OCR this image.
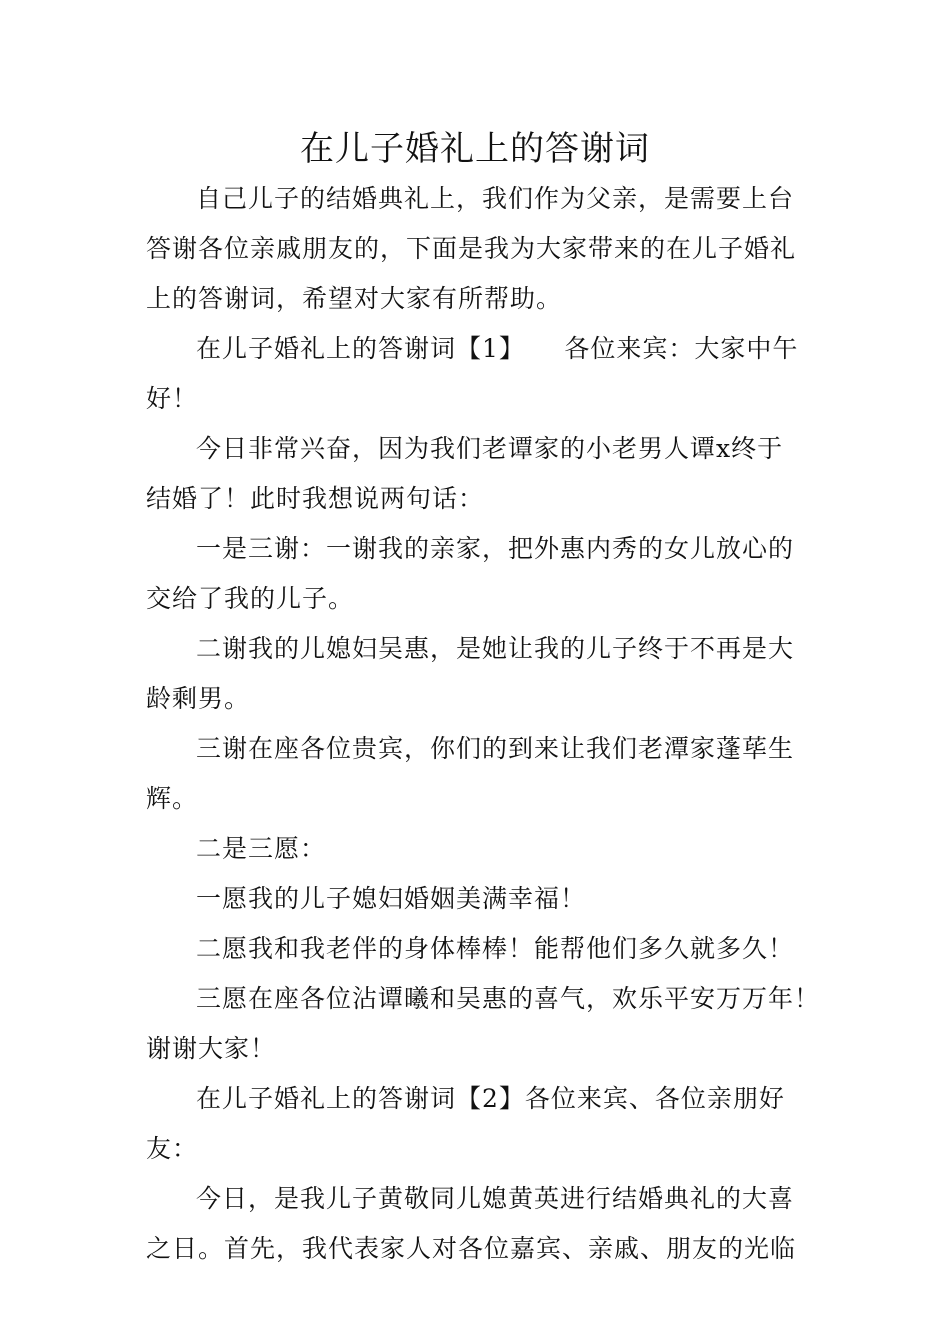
在儿子婚礼上的答谢词

自己儿子的结婚典礼上，我们作为父亲，是需要上台答谢各位亲戚朋友的，下面是我为大家带来的在儿子婚礼上的答谢词，希望对大家有所帮助。

在儿子婚礼上的答谢词【1】　　各位来宾：大家中午好！

今日非常兴奋，因为我们老谭家的小老男人谭x终于结婚了！此时我想说两句话：

一是三谢：一谢我的亲家，把外惠内秀的女儿放心的交给了我的儿子。

二谢我的儿媳妇吴惠，是她让我的儿子终于不再是大龄剩男。

三谢在座各位贵宾，你们的到来让我们老潭家蓬荜生辉。

二是三愿：

一愿我的儿子媳妇婚姻美满幸福！

二愿我和我老伴的身体棒棒！能帮他们多久就多久！

三愿在座各位沾谭曦和吴惠的喜气，欢乐平安万万年！谢谢大家！

在儿子婚礼上的答谢词【2】各位来宾、各位亲朋好友：

今日，是我儿子黄敬同儿媳黄英进行结婚典礼的大喜之日。首先，我代表家人对各位嘉宾、亲戚、朋友的光临
